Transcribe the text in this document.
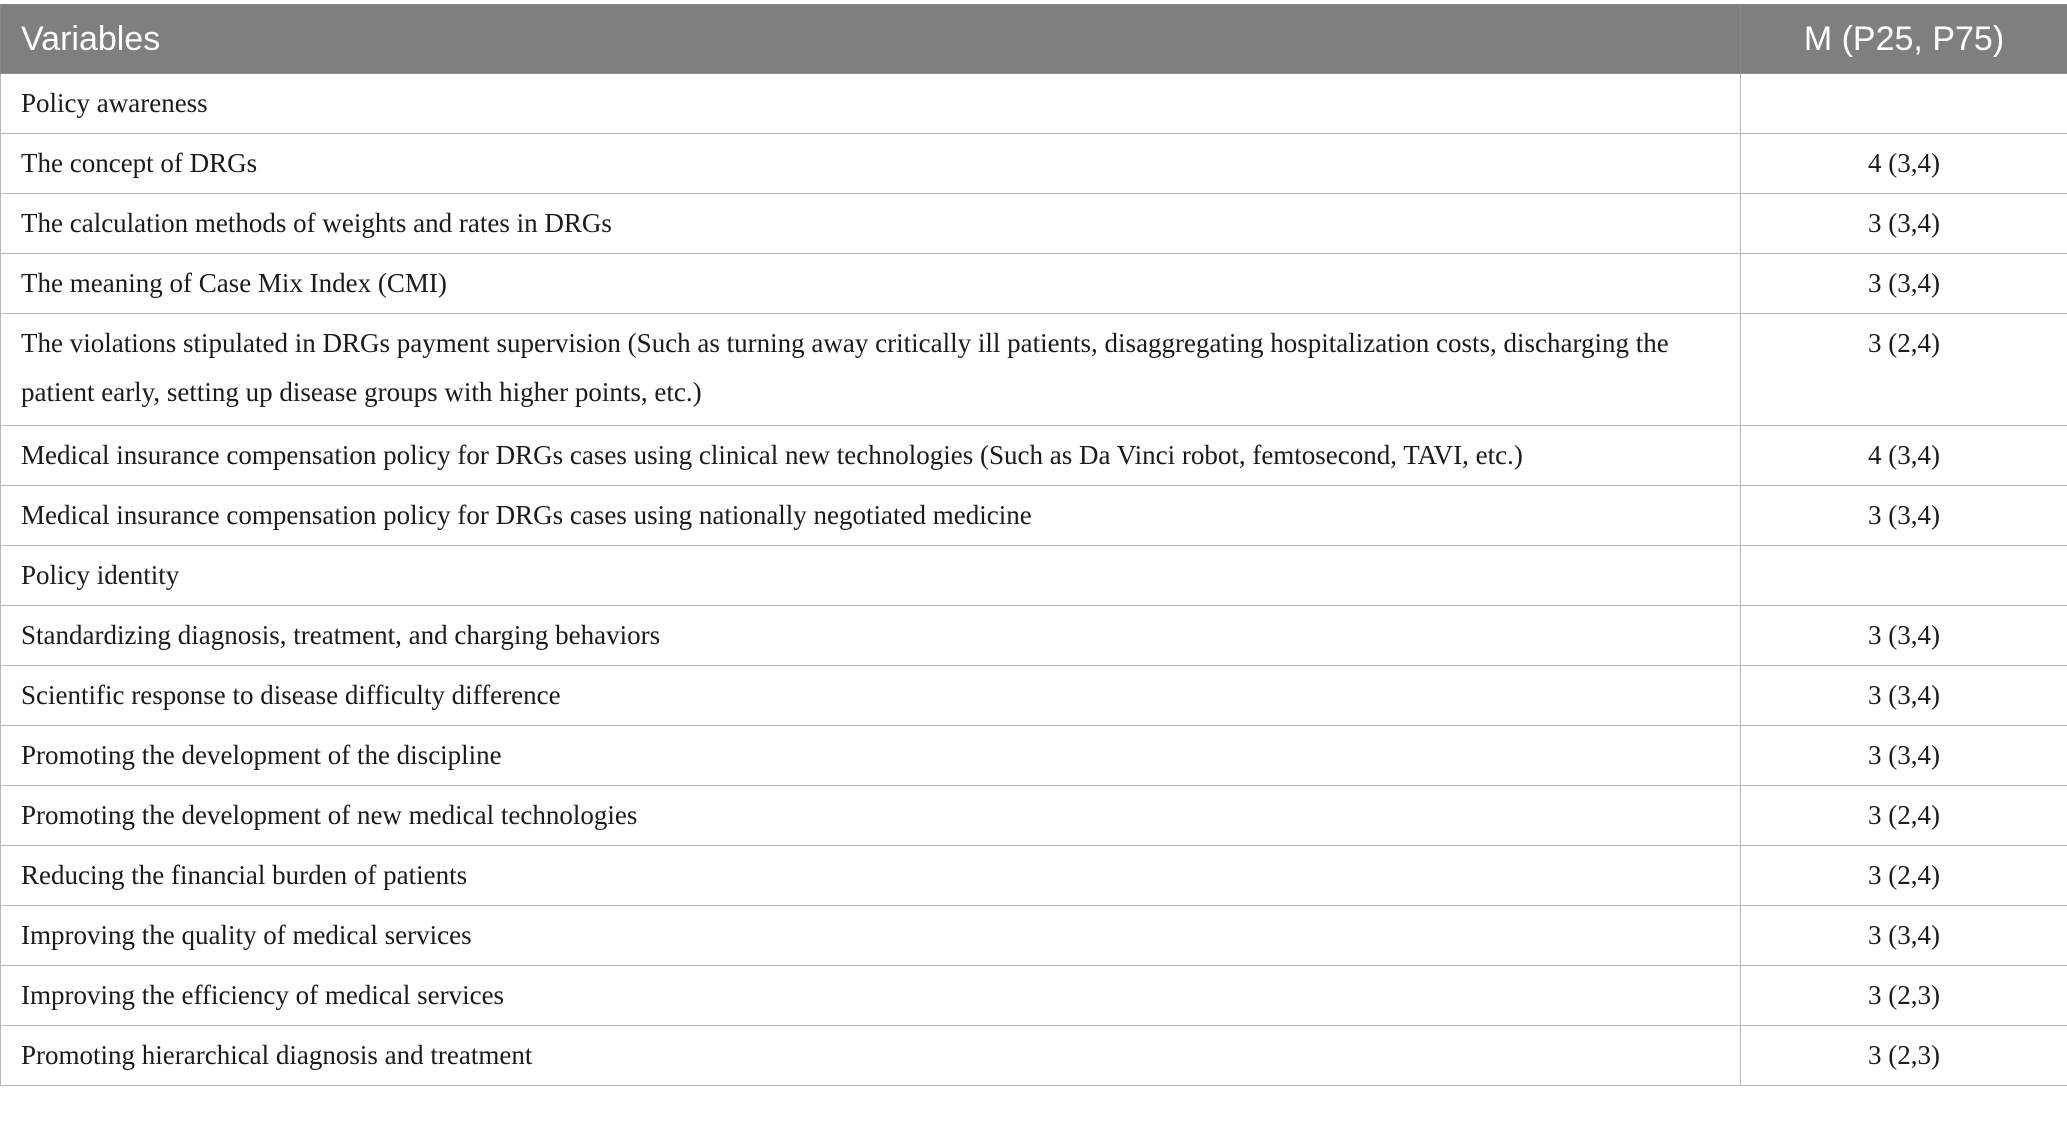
Variables	M (P25, P75)
Policy awareness	
The concept of DRGs	4 (3,4)
The calculation methods of weights and rates in DRGs	3 (3,4)
The meaning of Case Mix Index (CMI)	3 (3,4)
The violations stipulated in DRGs payment supervision (Such as turning away critically ill patients, disaggregating hospitalization costs, discharging the patient early, setting up disease groups with higher points, etc.)	3 (2,4)
Medical insurance compensation policy for DRGs cases using clinical new technologies (Such as Da Vinci robot, femtosecond, TAVI, etc.)	4 (3,4)
Medical insurance compensation policy for DRGs cases using nationally negotiated medicine	3 (3,4)
Policy identity	
Standardizing diagnosis, treatment, and charging behaviors	3 (3,4)
Scientific response to disease difficulty difference	3 (3,4)
Promoting the development of the discipline	3 (3,4)
Promoting the development of new medical technologies	3 (2,4)
Reducing the financial burden of patients	3 (2,4)
Improving the quality of medical services	3 (3,4)
Improving the efficiency of medical services	3 (2,3)
Promoting hierarchical diagnosis and treatment	3 (2,3)
